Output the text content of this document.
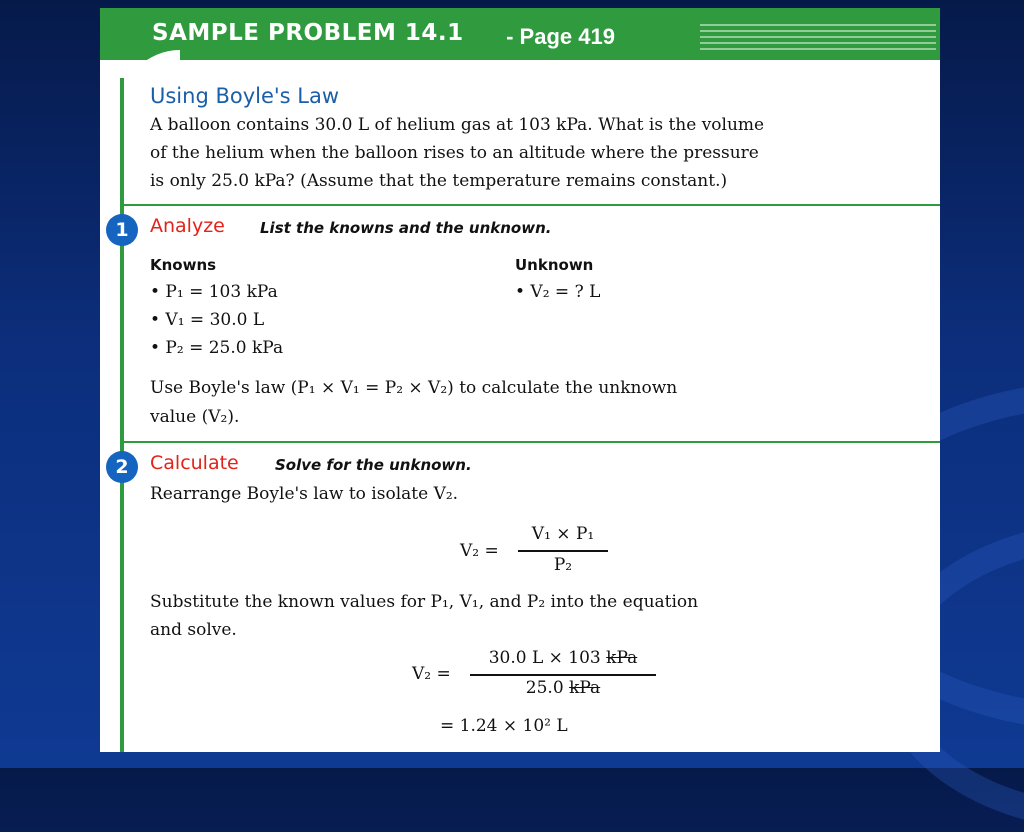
SAMPLE PROBLEM 14.1 - Page 419
Using Boyle's Law
A balloon contains 30.0 L of helium gas at 103 kPa. What is the volume
of the helium when the balloon rises to an altitude where the pressure
is only 25.0 kPa? (Assume that the temperature remains constant.)
1	Analyze List the knowns and the unknown.
Knowns	Unknown
• P₁ = 103 kPa
• V₁ = 30.0 L
• P₂ = 25.0 kPa
• V₂ = ? L
Use Boyle's law (P₁ × V₁ = P₂ × V₂) to calculate the unknown
value (V₂).
2	Calculate Solve for the unknown.
Rearrange Boyle's law to isolate V₂.
V₂ =
V₁ × P₁
P₂
Substitute the known values for P₁, V₁, and P₂ into the equation
and solve.
V₂ =
30.0 L × 103 kPa
25.0 kPa
= 1.24 × 10² L
